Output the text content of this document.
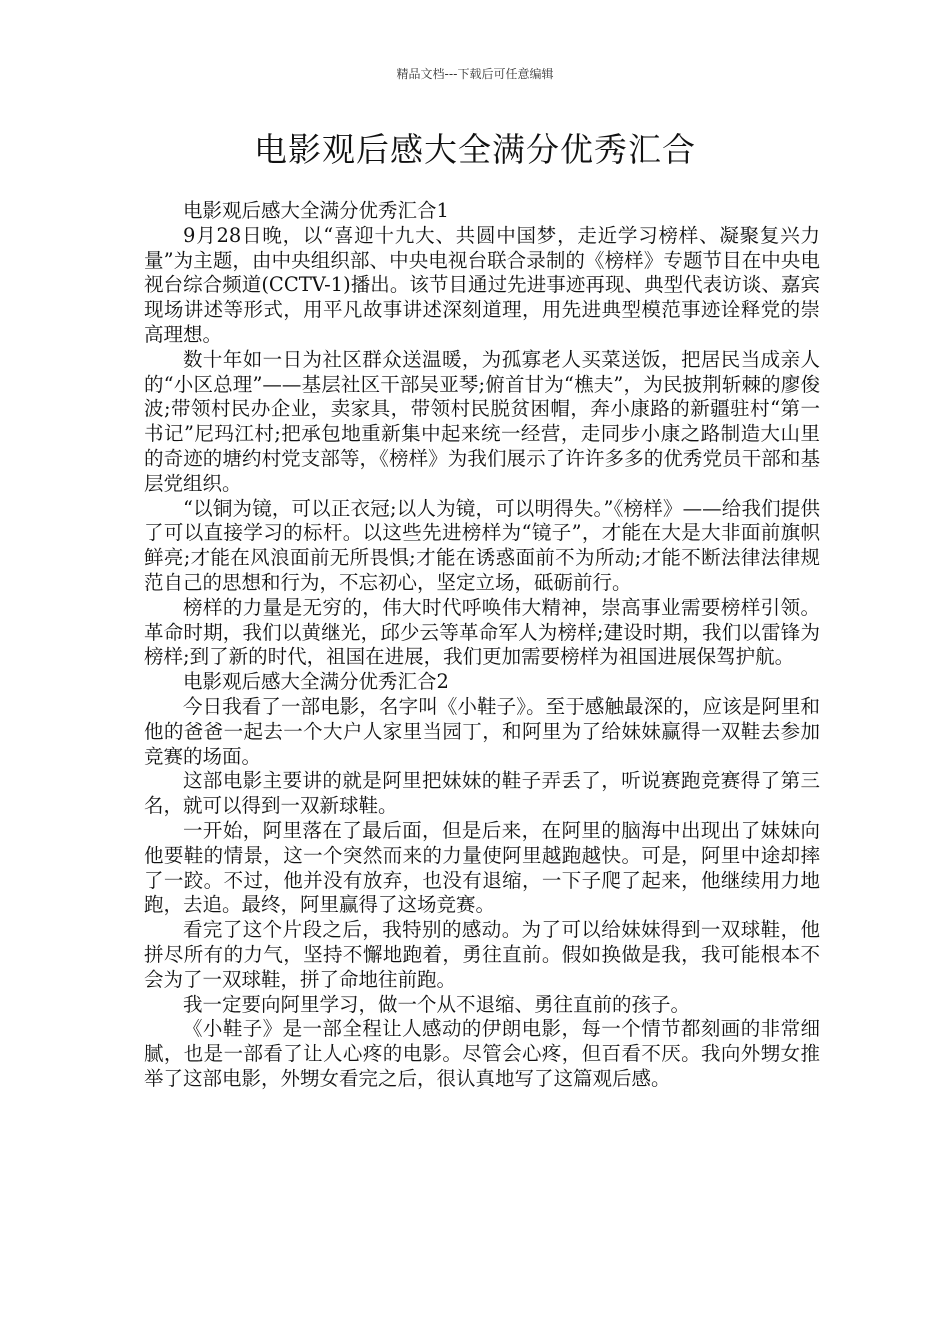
精品文档---下载后可任意编辑
电影观后感大全满分优秀汇合

电影观后感大全满分优秀汇合1

9月28日晚，以“喜迎十九大、共圆中国梦，走近学习榜样、凝聚复兴力量”为主题，由中央组织部、中央电视台联合录制的《榜样》专题节目在中央电视台综合频道(CCTV-1)播出。该节目通过先进事迹再现、典型代表访谈、嘉宾现场讲述等形式，用平凡故事讲述深刻道理，用先进典型模范事迹诠释党的崇高理想。

数十年如一日为社区群众送温暖，为孤寡老人买菜送饭，把居民当成亲人的“小区总理”——基层社区干部吴亚琴;俯首甘为“樵夫”，为民披荆斩棘的廖俊波;带领村民办企业，卖家具，带领村民脱贫困帽，奔小康路的新疆驻村“第一书记”尼玛江村;把承包地重新集中起来统一经营，走同步小康之路制造大山里的奇迹的塘约村党支部等，《榜样》为我们展示了许许多多的优秀党员干部和基层党组织。

“以铜为镜，可以正衣冠;以人为镜，可以明得失。”《榜样》——给我们提供了可以直接学习的标杆。以这些先进榜样为“镜子”，才能在大是大非面前旗帜鲜亮;才能在风浪面前无所畏惧;才能在诱惑面前不为所动;才能不断法律法律规范自己的思想和行为，不忘初心，坚定立场，砥砺前行。

榜样的力量是无穷的，伟大时代呼唤伟大精神，崇高事业需要榜样引领。革命时期，我们以黄继光，邱少云等革命军人为榜样;建设时期，我们以雷锋为榜样;到了新的时代，祖国在进展，我们更加需要榜样为祖国进展保驾护航。

电影观后感大全满分优秀汇合2

今日我看了一部电影，名字叫《小鞋子》。至于感触最深的，应该是阿里和他的爸爸一起去一个大户人家里当园丁，和阿里为了给妹妹赢得一双鞋去参加竞赛的场面。

这部电影主要讲的就是阿里把妹妹的鞋子弄丢了，听说赛跑竞赛得了第三名，就可以得到一双新球鞋。

一开始，阿里落在了最后面，但是后来，在阿里的脑海中出现出了妹妹向他要鞋的情景，这一个突然而来的力量使阿里越跑越快。可是，阿里中途却摔了一跤。不过，他并没有放弃，也没有退缩，一下子爬了起来，他继续用力地跑，去追。最终，阿里赢得了这场竞赛。

看完了这个片段之后，我特别的感动。为了可以给妹妹得到一双球鞋，他拼尽所有的力气，坚持不懈地跑着，勇往直前。假如换做是我，我可能根本不会为了一双球鞋，拼了命地往前跑。

我一定要向阿里学习，做一个从不退缩、勇往直前的孩子。

《小鞋子》是一部全程让人感动的伊朗电影，每一个情节都刻画的非常细腻，也是一部看了让人心疼的电影。尽管会心疼，但百看不厌。我向外甥女推举了这部电影，外甥女看完之后，很认真地写了这篇观后感。
